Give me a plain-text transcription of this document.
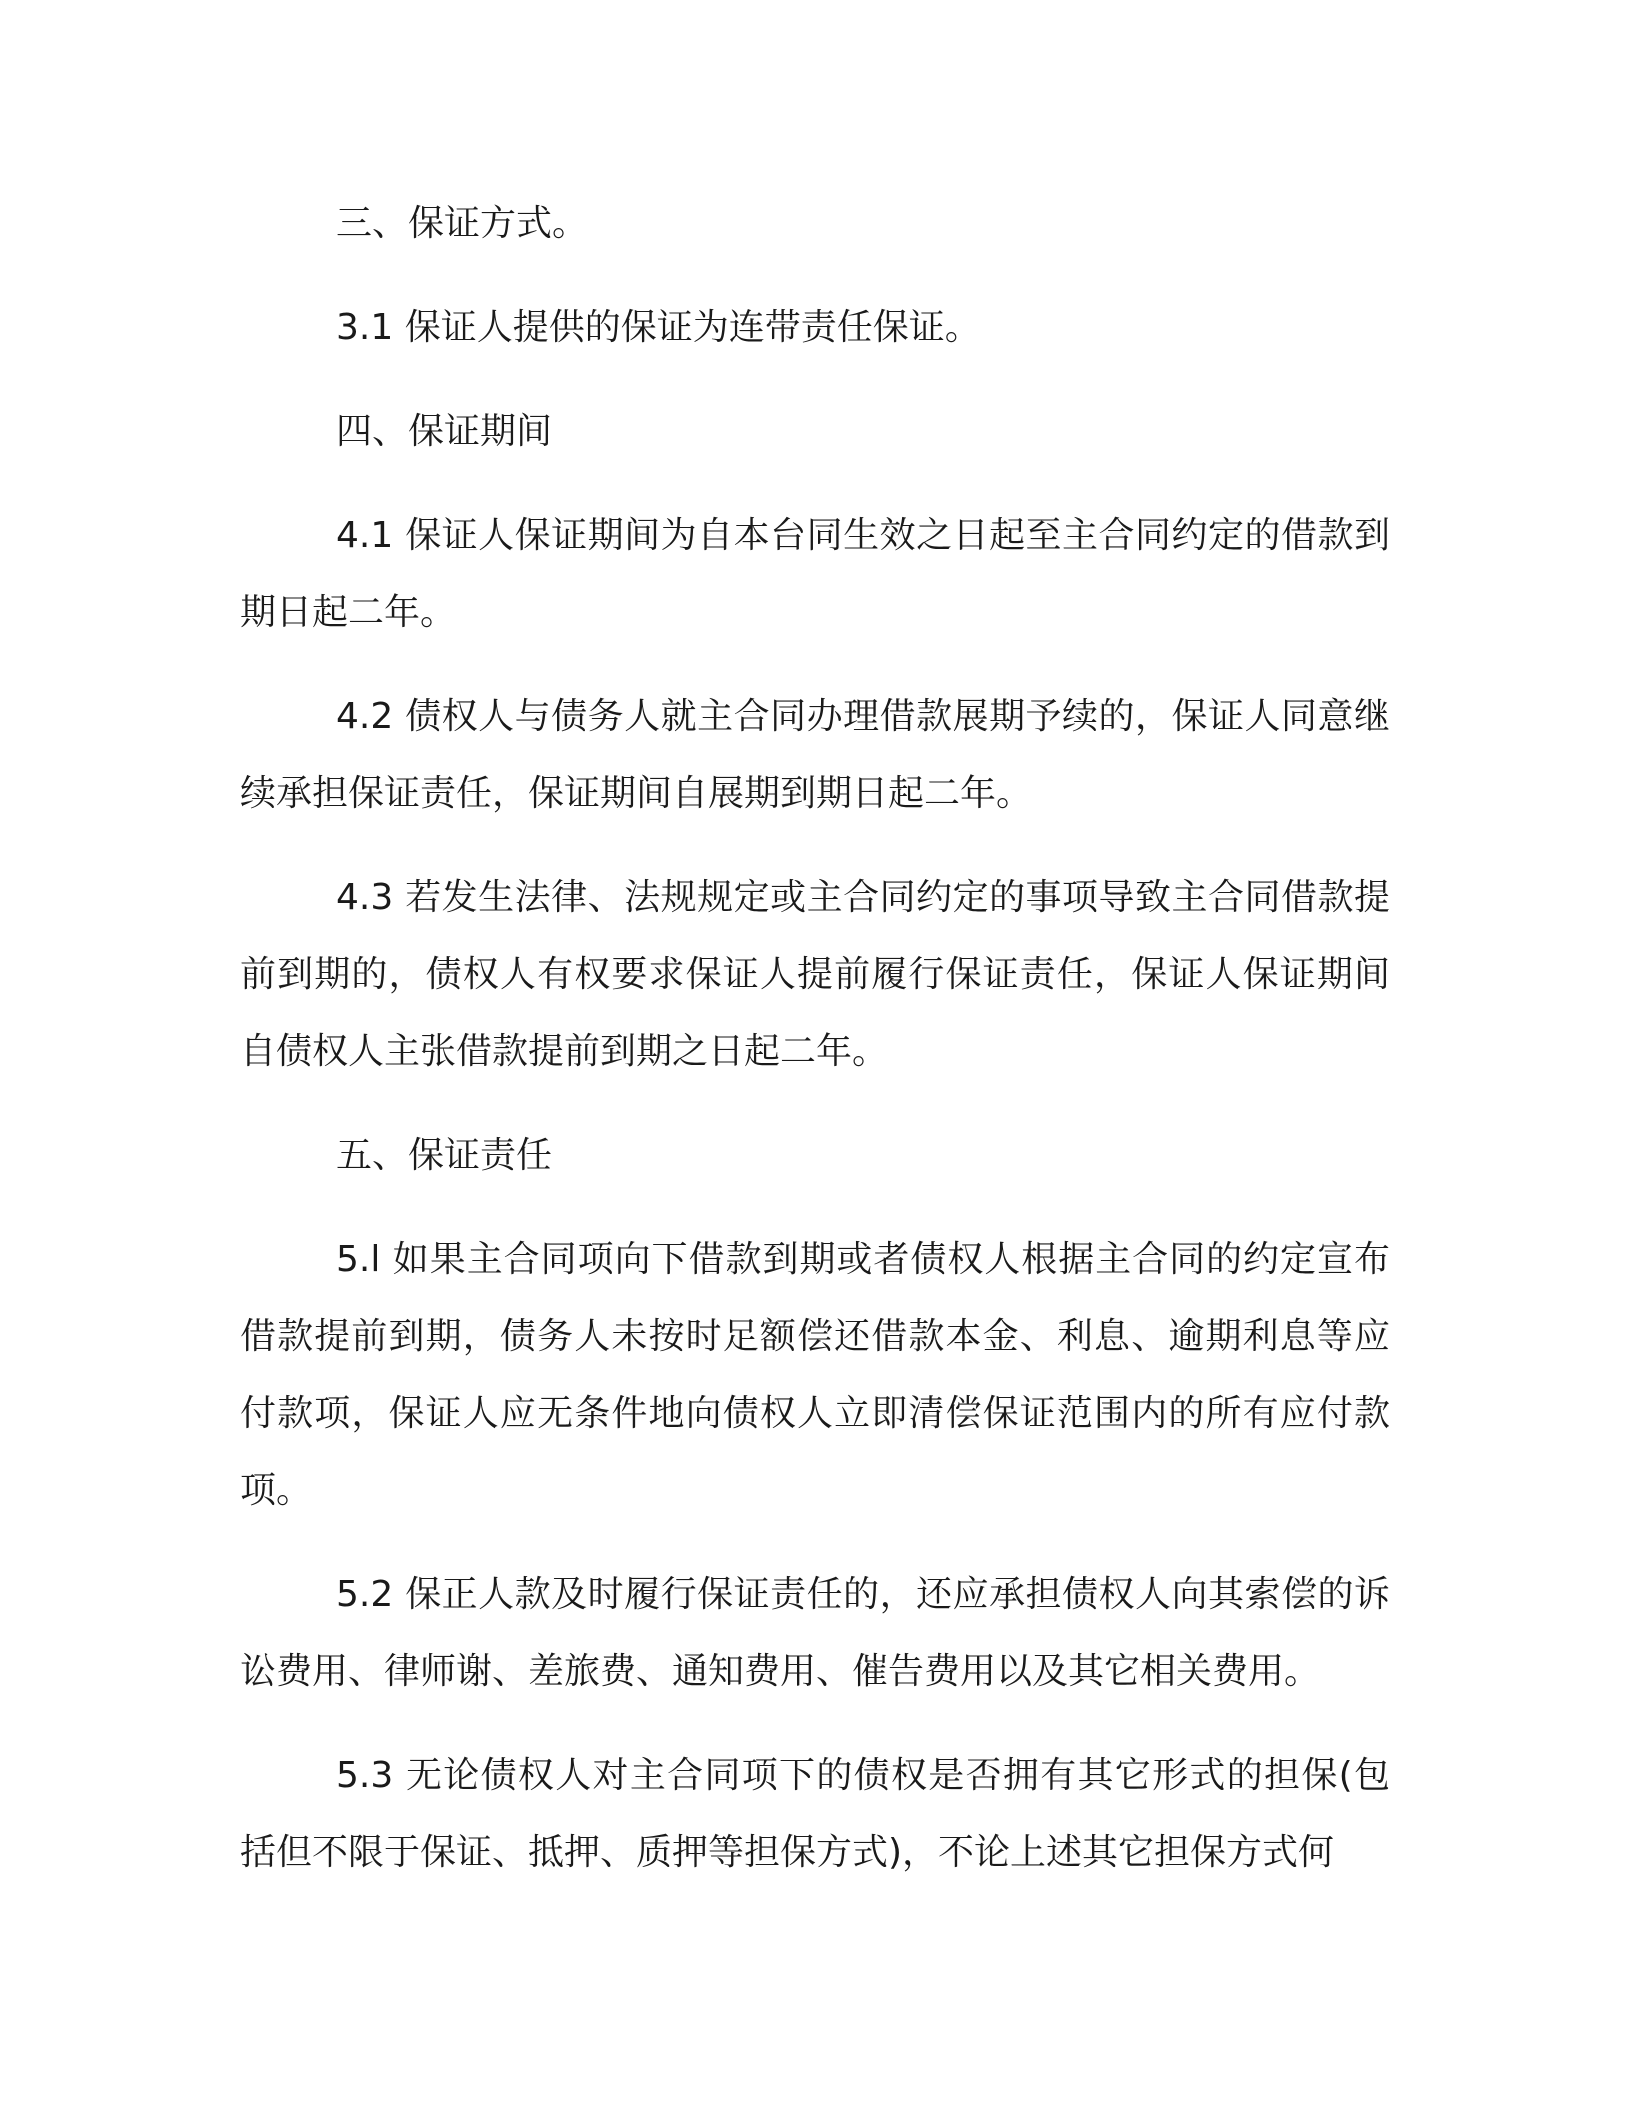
三、保证方式。

3.1 保证人提供的保证为连带责任保证。

四、保证期间

4.1 保证人保证期间为自本台同生效之日起至主合同约定的借款到期日起二年。

4.2 债权人与债务人就主合同办理借款展期予续的，保证人同意继续承担保证责任，保证期间自展期到期日起二年。

4.3 若发生法律、法规规定或主合同约定的事项导致主合同借款提前到期的，债权人有权要求保证人提前履行保证责任，保证人保证期间自债权人主张借款提前到期之日起二年。

五、保证责任

5.l 如果主合同项向下借款到期或者债权人根据主合同的约定宣布借款提前到期，债务人未按时足额偿还借款本金、利息、逾期利息等应付款项，保证人应无条件地向债权人立即清偿保证范围内的所有应付款项。

5.2 保正人款及时履行保证责任的，还应承担债权人向其索偿的诉讼费用、律师谢、差旅费、通知费用、催告费用以及其它相关费用。

5.3 无论债权人对主合同项下的债权是否拥有其它形式的担保(包括但不限于保证、抵押、质押等担保方式)，不论上述其它担保方式何
